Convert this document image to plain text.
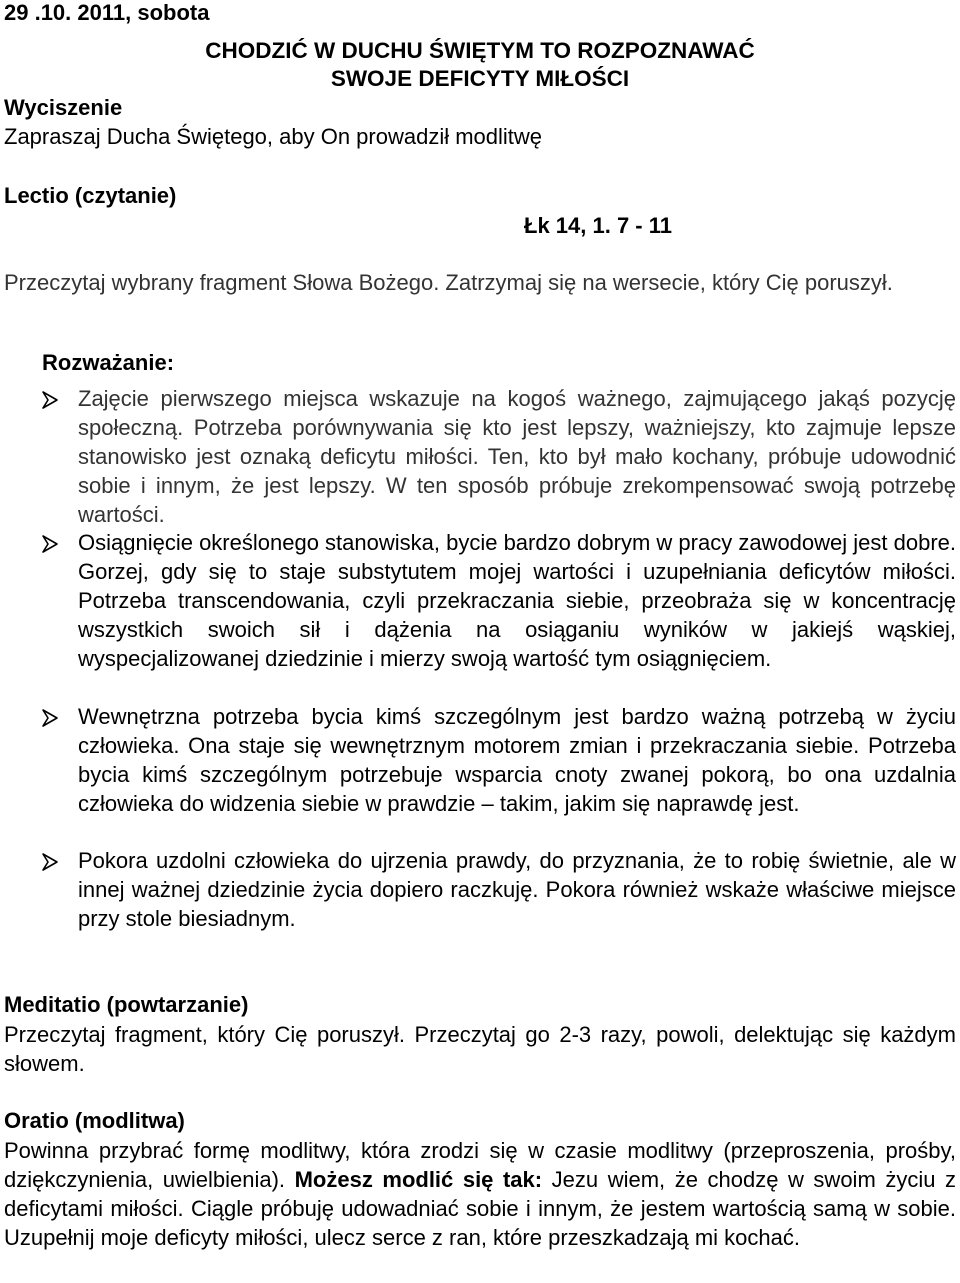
29 .10. 2011, sobota
CHODZIĆ W DUCHU ŚWIĘTYM TO ROZPOZNAWAĆ
SWOJE DEFICYTY MIŁOŚCI
Wyciszenie
Zapraszaj Ducha Świętego, aby On prowadził modlitwę
Lectio (czytanie)
Łk 14, 1. 7 - 11
Przeczytaj wybrany fragment Słowa Bożego. Zatrzymaj się na wersecie, który Cię poruszył.
Rozważanie:
Zajęcie pierwszego miejsca wskazuje na kogoś ważnego, zajmującego jakąś pozycję społeczną. Potrzeba porównywania się kto jest lepszy, ważniejszy, kto zajmuje lepsze stanowisko jest oznaką deficytu miłości. Ten, kto był mało kochany, próbuje udowodnić sobie i innym, że jest lepszy. W ten sposób próbuje zrekompensować swoją potrzebę wartości.
Osiągnięcie określonego stanowiska, bycie bardzo dobrym w pracy zawodowej jest dobre. Gorzej, gdy się to staje substytutem mojej wartości i uzupełniania deficytów miłości. Potrzeba transcendowania, czyli przekraczania siebie, przeobraża się w koncentrację wszystkich swoich sił i dążenia na osiąganiu wyników w jakiejś wąskiej, wyspecjalizowanej dziedzinie i mierzy swoją wartość tym osiągnięciem.
Wewnętrzna potrzeba bycia kimś szczególnym jest bardzo ważną potrzebą w życiu człowieka. Ona staje się wewnętrznym motorem zmian i przekraczania siebie. Potrzeba bycia kimś szczególnym potrzebuje wsparcia cnoty zwanej pokorą, bo ona uzdalnia człowieka do widzenia siebie w prawdzie – takim, jakim się naprawdę jest.
Pokora uzdolni człowieka do ujrzenia prawdy, do przyznania, że to robię świetnie, ale w innej ważnej dziedzinie życia dopiero raczkuję. Pokora również wskaże właściwe miejsce przy stole biesiadnym.
Meditatio (powtarzanie)
Przeczytaj fragment, który Cię poruszył. Przeczytaj go 2-3 razy, powoli, delektując się każdym słowem.
Oratio (modlitwa)
Powinna przybrać formę modlitwy, która zrodzi się w czasie modlitwy (przeproszenia, prośby, dziękczynienia, uwielbienia). Możesz modlić się tak: Jezu wiem, że chodzę w swoim życiu z deficytami miłości. Ciągle próbuję udowadniać sobie i innym, że jestem wartością samą w sobie. Uzupełnij moje deficyty miłości, ulecz serce z ran, które przeszkadzają mi kochać.
